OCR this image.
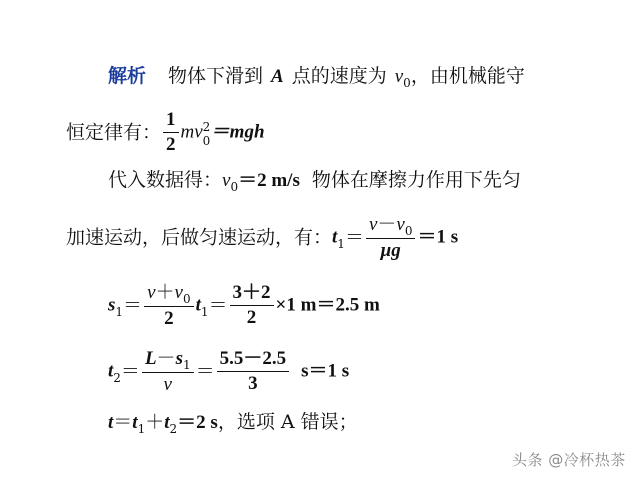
解析 物体下滑到 A 点的速度为 $v_0$，由机械能守
恒定律有： $\frac{1}{2}$ mv 2
0 ＝mgh
代入数据得：$v_0=2$ m/s 物体在摩擦力作用下先匀
加速运动，后做匀速运动，有：$t_1= \frac{v-v_0}{\mu g} =1$ s
$s_1= \frac{v+v_0}{2} t_1= \frac{3+2}{2} \times 1$ m＝2.5 m
$t_2= \frac{L-s_1}{v} = \frac{5.5-2.5}{3} s=1$ s
$t=t_1+t_2=2$ s，选项 A 错误；
头条 @冷杯热茶
